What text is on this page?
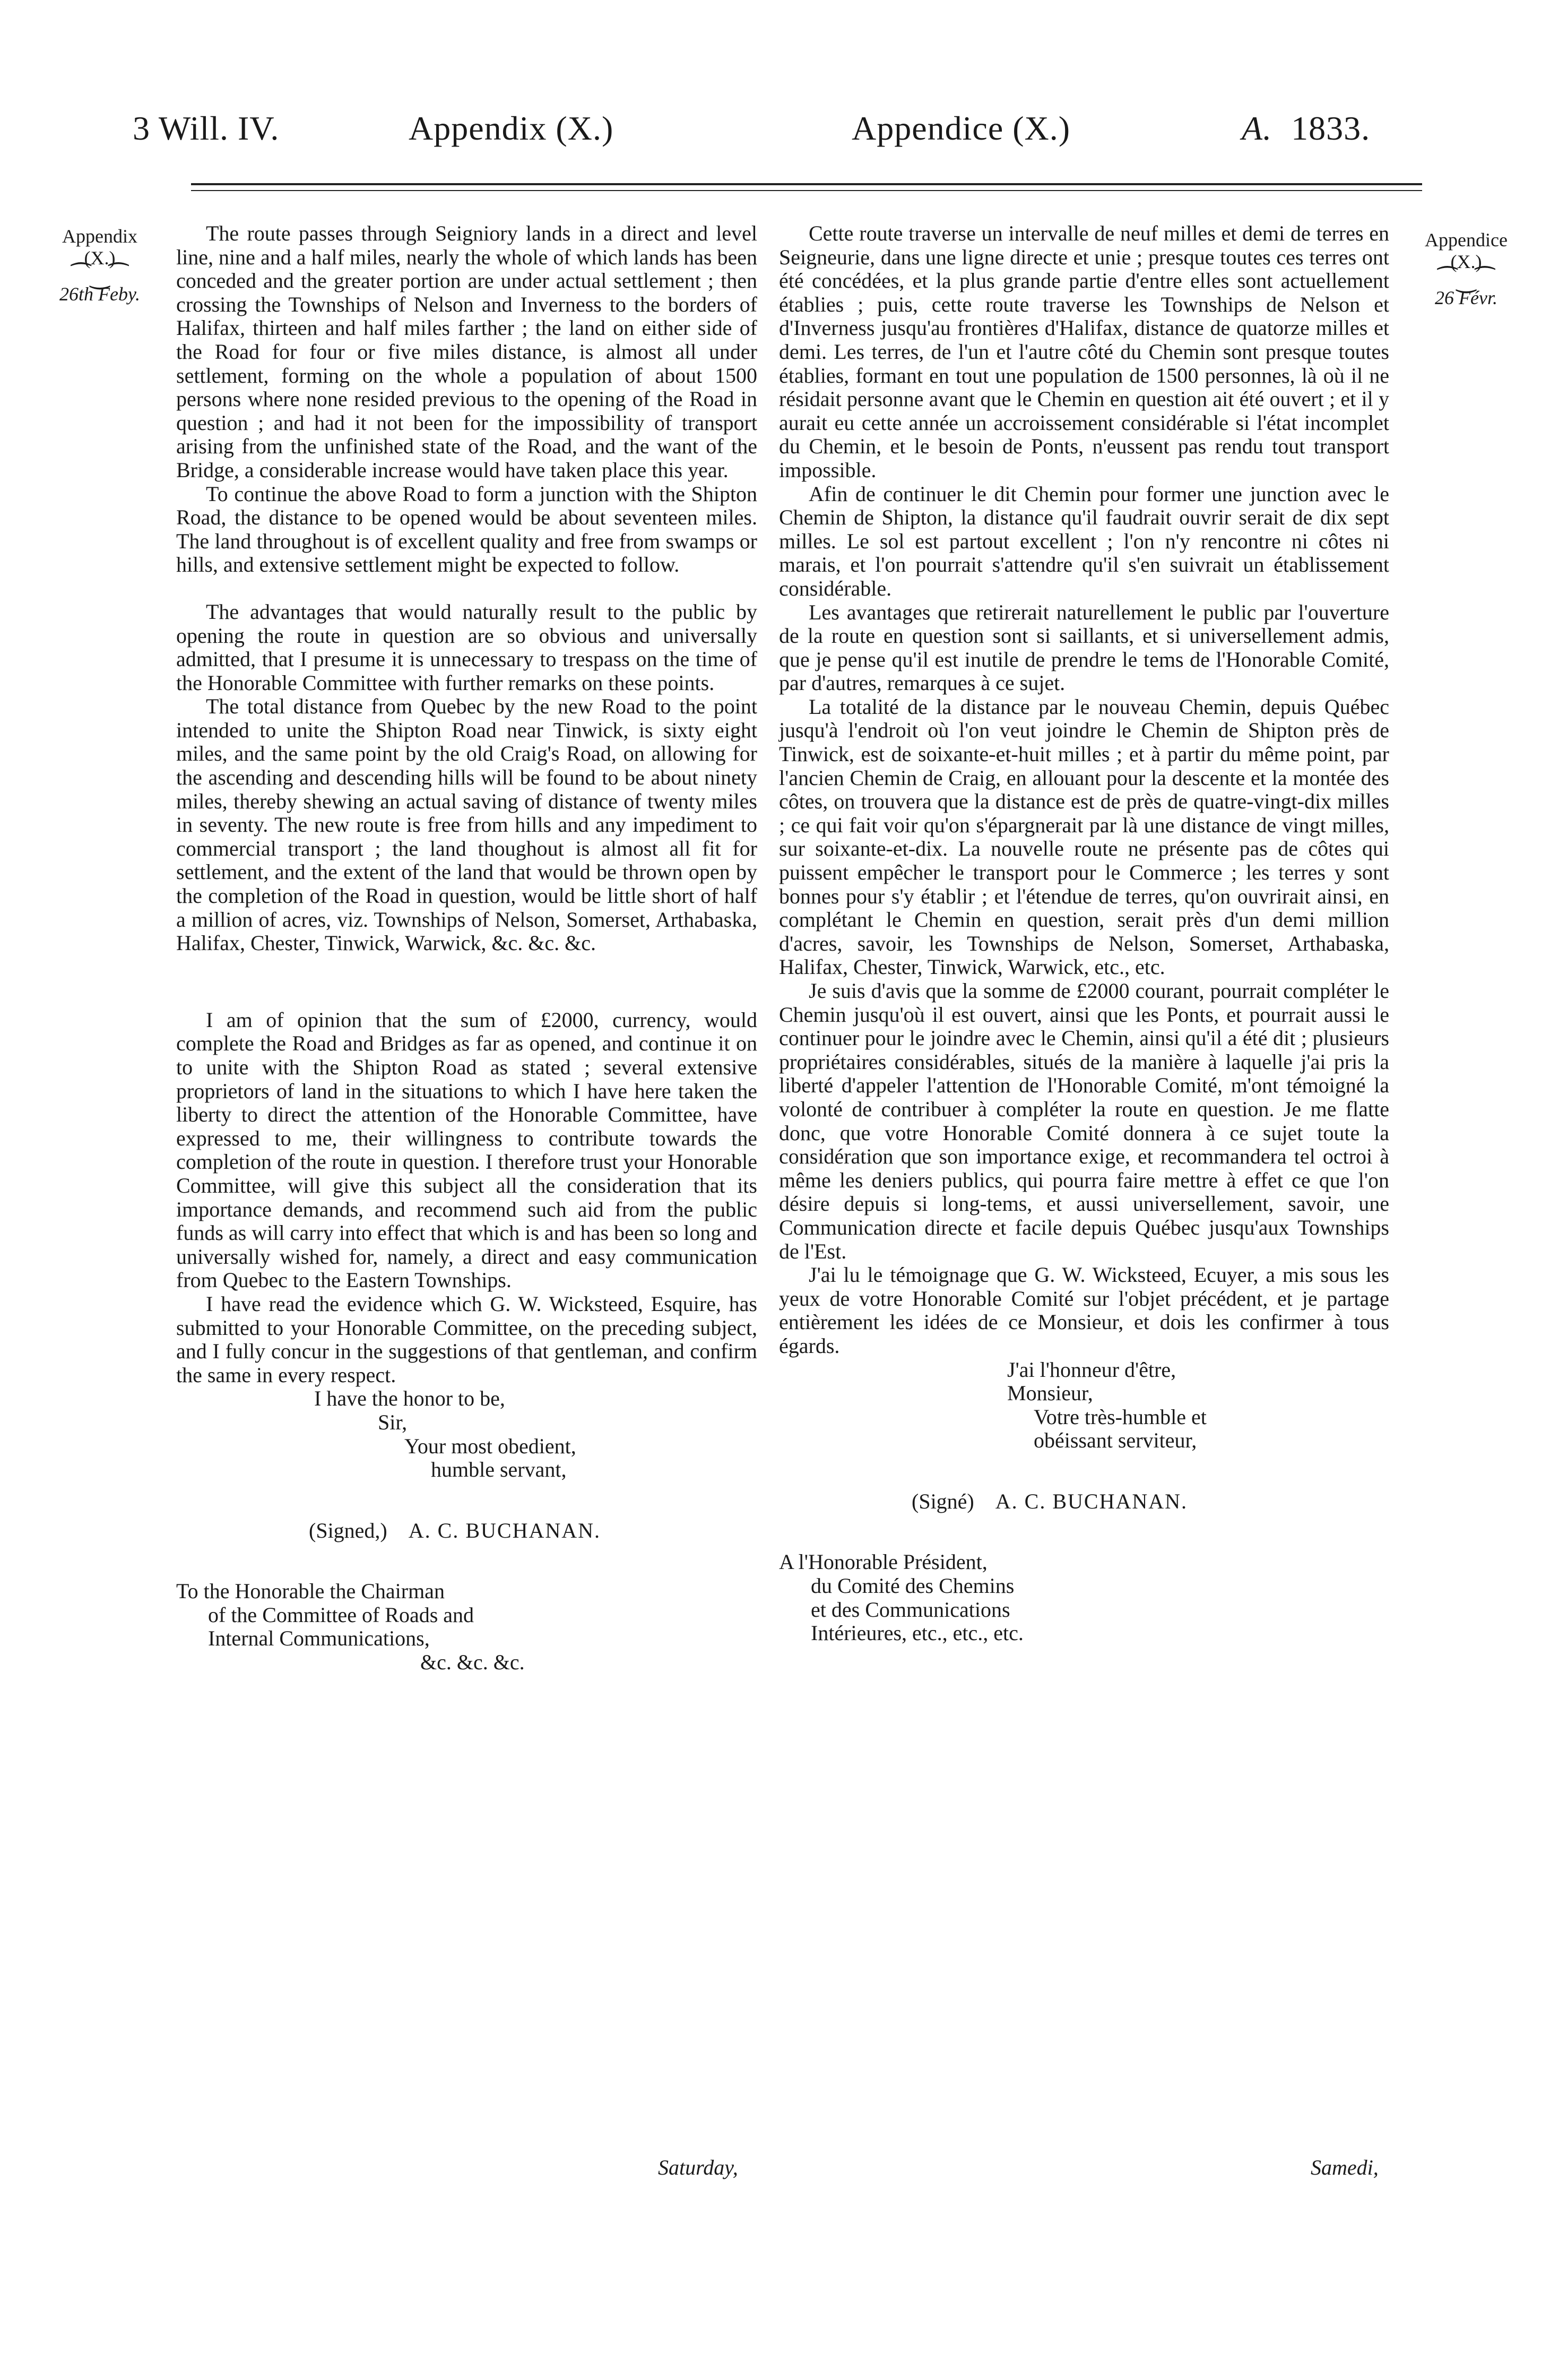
3 Will. IV.	Appendix (X.)	Appendice (X.)	A. 1833.
Appendix
(X.)
⁀‿⁀
26th Feby.
Appendice
(X.)
⁀‿⁀
26 Févr.

The route passes through Seigniory lands in a direct and level line, nine and a half miles, nearly the whole of which lands has been conceded and the greater portion are under actual settlement ; then crossing the Townships of Nelson and Inverness to the borders of Halifax, thirteen and half miles farther ; the land on either side of the Road for four or five miles distance, is almost all under settlement, forming on the whole a population of about 1500 persons where none resided previous to the opening of the Road in question ; and had it not been for the impossibility of transport arising from the unfinished state of the Road, and the want of the Bridge, a considerable increase would have taken place this year.

To continue the above Road to form a junction with the Shipton Road, the distance to be opened would be about seventeen miles. The land throughout is of excellent quality and free from swamps or hills, and extensive settlement might be expected to follow.

The advantages that would naturally result to the public by opening the route in question are so obvious and universally admitted, that I presume it is unnecessary to trespass on the time of the Honorable Committee with further remarks on these points.

The total distance from Quebec by the new Road to the point intended to unite the Shipton Road near Tinwick, is sixty eight miles, and the same point by the old Craig's Road, on allowing for the ascending and descending hills will be found to be about ninety miles, thereby shewing an actual saving of distance of twenty miles in seventy. The new route is free from hills and any impediment to commercial transport ; the land thoughout is almost all fit for settlement, and the extent of the land that would be thrown open by the completion of the Road in question, would be little short of half a million of acres, viz. Townships of Nelson, Somerset, Arthabaska, Halifax, Chester, Tinwick, Warwick, &c. &c. &c.

I am of opinion that the sum of £2000, currency, would complete the Road and Bridges as far as opened, and continue it on to unite with the Shipton Road as stated ; several extensive proprietors of land in the situations to which I have here taken the liberty to direct the attention of the Honorable Committee, have expressed to me, their willingness to contribute towards the completion of the route in question. I therefore trust your Honorable Committee, will give this subject all the consideration that its importance demands, and recommend such aid from the public funds as will carry into effect that which is and has been so long and universally wished for, namely, a direct and easy communication from Quebec to the Eastern Townships.

I have read the evidence which G. W. Wicksteed, Esquire, has submitted to your Honorable Committee, on the preceding subject, and I fully concur in the suggestions of that gentleman, and confirm the same in every respect.

I have the honor to be,
Sir,
Your most obedient,
humble servant,
(Signed,) A. C. BUCHANAN.
To the Honorable the Chairman
of the Committee of Roads and
Internal Communications,
&c. &c. &c.

Cette route traverse un intervalle de neuf milles et demi de terres en Seigneurie, dans une ligne directe et unie ; presque toutes ces terres ont été concédées, et la plus grande partie d'entre elles sont actuellement établies ; puis, cette route traverse les Townships de Nelson et d'Inverness jusqu'au frontières d'Halifax, distance de quatorze milles et demi. Les terres, de l'un et l'autre côté du Chemin sont presque toutes établies, formant en tout une population de 1500 personnes, là où il ne résidait personne avant que le Chemin en question ait été ouvert ; et il y aurait eu cette année un accroissement considérable si l'état incomplet du Chemin, et le besoin de Ponts, n'eussent pas rendu tout transport impossible.

Afin de continuer le dit Chemin pour former une junction avec le Chemin de Shipton, la distance qu'il faudrait ouvrir serait de dix sept milles. Le sol est partout excellent ; l'on n'y rencontre ni côtes ni marais, et l'on pourrait s'attendre qu'il s'en suivrait un établissement considérable.

Les avantages que retirerait naturellement le public par l'ouverture de la route en question sont si saillants, et si universellement admis, que je pense qu'il est inutile de prendre le tems de l'Honorable Comité, par d'autres, remarques à ce sujet.

La totalité de la distance par le nouveau Chemin, depuis Québec jusqu'à l'endroit où l'on veut joindre le Chemin de Shipton près de Tinwick, est de soixante-et-huit milles ; et à partir du même point, par l'ancien Chemin de Craig, en allouant pour la descente et la montée des côtes, on trouvera que la distance est de près de quatre-vingt-dix milles ; ce qui fait voir qu'on s'épargnerait par là une distance de vingt milles, sur soixante-et-dix. La nouvelle route ne présente pas de côtes qui puissent empêcher le transport pour le Commerce ; les terres y sont bonnes pour s'y établir ; et l'étendue de terres, qu'on ouvrirait ainsi, en complétant le Chemin en question, serait près d'un demi million d'acres, savoir, les Townships de Nelson, Somerset, Arthabaska, Halifax, Chester, Tinwick, Warwick, etc., etc.

Je suis d'avis que la somme de £2000 courant, pourrait compléter le Chemin jusqu'où il est ouvert, ainsi que les Ponts, et pourrait aussi le continuer pour le joindre avec le Chemin, ainsi qu'il a été dit ; plusieurs propriétaires considérables, situés de la manière à laquelle j'ai pris la liberté d'appeler l'attention de l'Honorable Comité, m'ont témoigné la volonté de contribuer à compléter la route en question. Je me flatte donc, que votre Honorable Comité donnera à ce sujet toute la considération que son importance exige, et recommandera tel octroi à même les deniers publics, qui pourra faire mettre à effet ce que l'on désire depuis si long-tems, et aussi universellement, savoir, une Communication directe et facile depuis Québec jusqu'aux Townships de l'Est.

J'ai lu le témoignage que G. W. Wicksteed, Ecuyer, a mis sous les yeux de votre Honorable Comité sur l'objet précédent, et je partage entièrement les idées de ce Monsieur, et dois les confirmer à tous égards.

J'ai l'honneur d'être,
Monsieur,
Votre très-humble et
obéissant serviteur,
(Signé) A. C. BUCHANAN.
A l'Honorable Président,
du Comité des Chemins
et des Communications
Intérieures, etc., etc., etc.
Saturday,	Samedi,
